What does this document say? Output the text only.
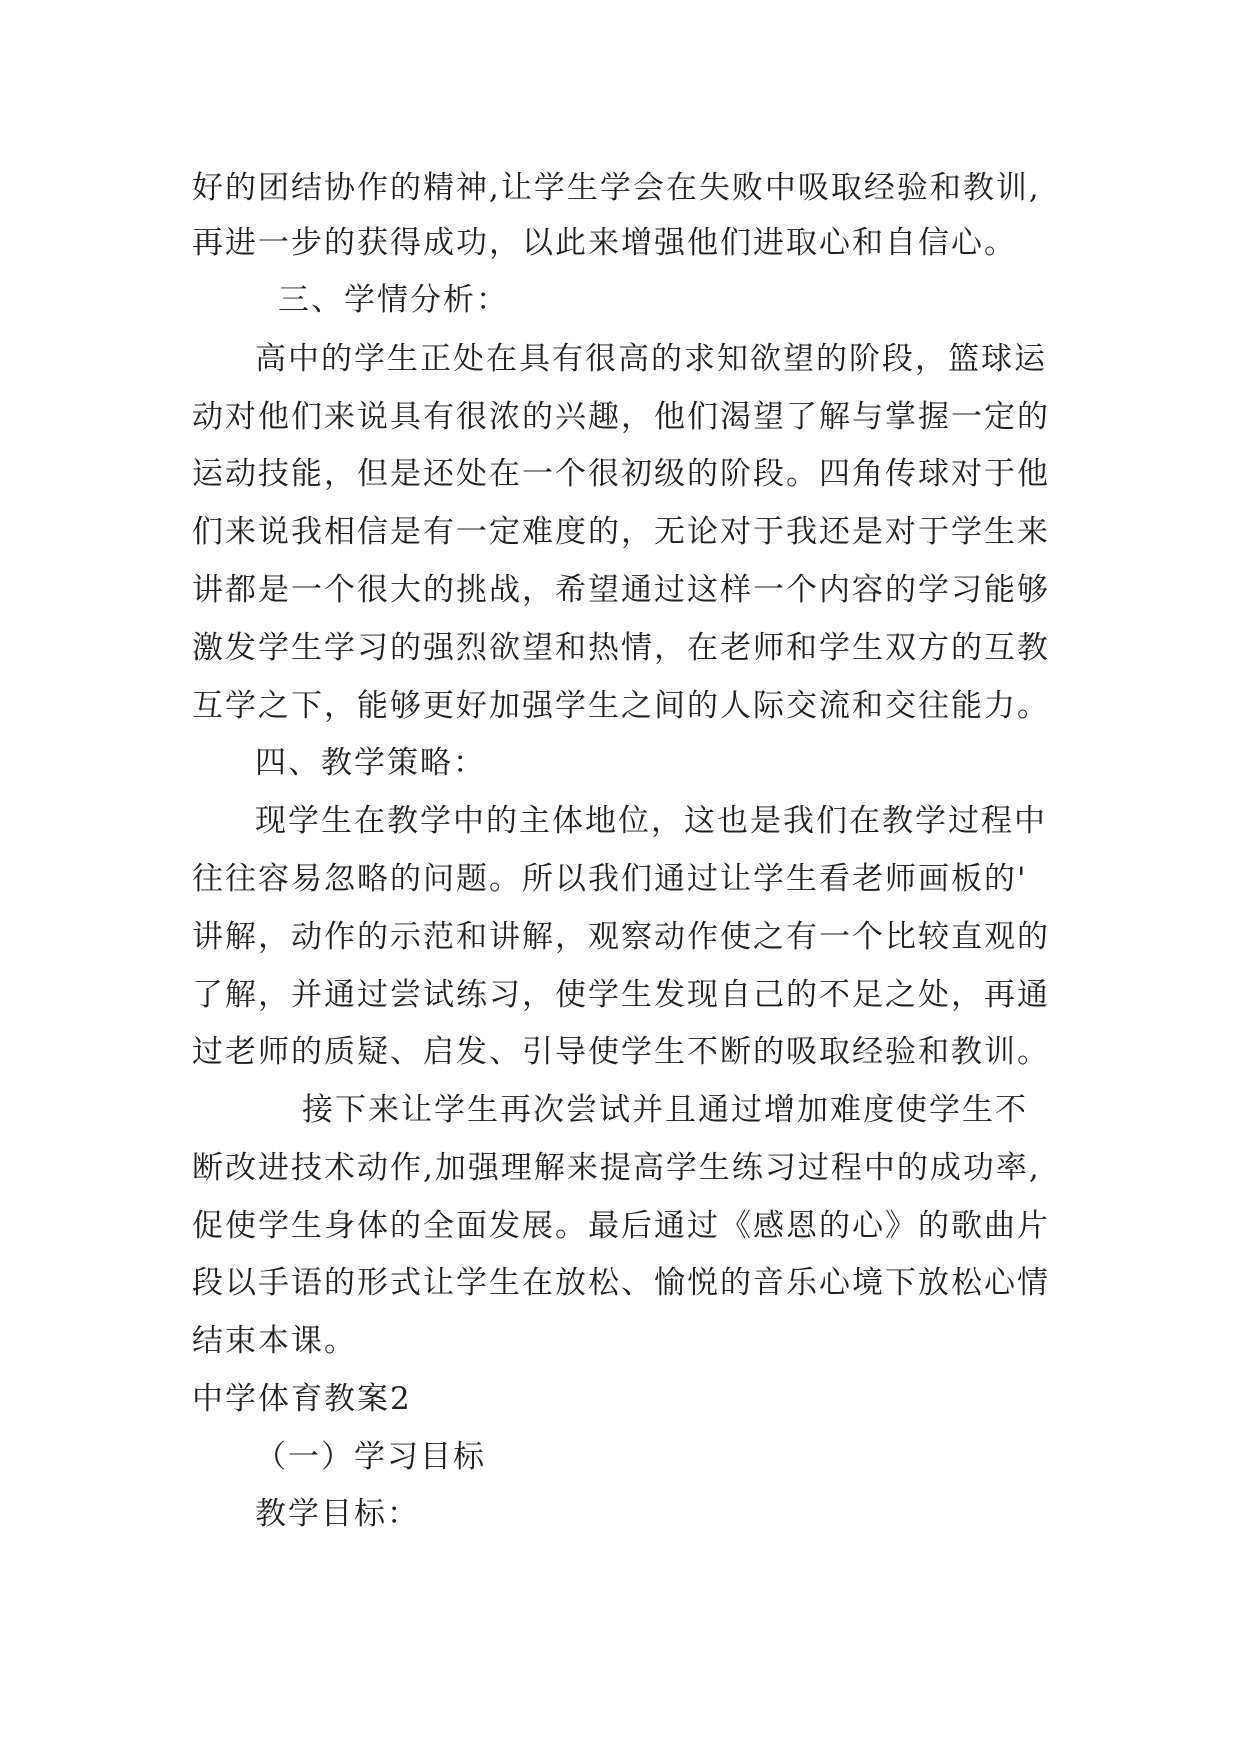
好的团结协作的精神,让学生学会在失败中吸取经验和教训,
再进一步的获得成功，以此来增强他们进取心和自信心。
三、学情分析：
高中的学生正处在具有很高的求知欲望的阶段，篮球运
动对他们来说具有很浓的兴趣，他们渴望了解与掌握一定的
运动技能，但是还处在一个很初级的阶段。四角传球对于他
们来说我相信是有一定难度的，无论对于我还是对于学生来
讲都是一个很大的挑战，希望通过这样一个内容的学习能够
激发学生学习的强烈欲望和热情，在老师和学生双方的互教
互学之下，能够更好加强学生之间的人际交流和交往能力。
四、教学策略：
现学生在教学中的主体地位，这也是我们在教学过程中
往往容易忽略的问题。所以我们通过让学生看老师画板的'
讲解，动作的示范和讲解，观察动作使之有一个比较直观的
了解，并通过尝试练习，使学生发现自己的不足之处，再通
过老师的质疑、启发、引导使学生不断的吸取经验和教训。
接下来让学生再次尝试并且通过增加难度使学生不
断改进技术动作,加强理解来提高学生练习过程中的成功率,
促使学生身体的全面发展。最后通过《感恩的心》的歌曲片
段以手语的形式让学生在放松、愉悦的音乐心境下放松心情
结束本课。
中学体育教案2
（一）学习目标
教学目标：
